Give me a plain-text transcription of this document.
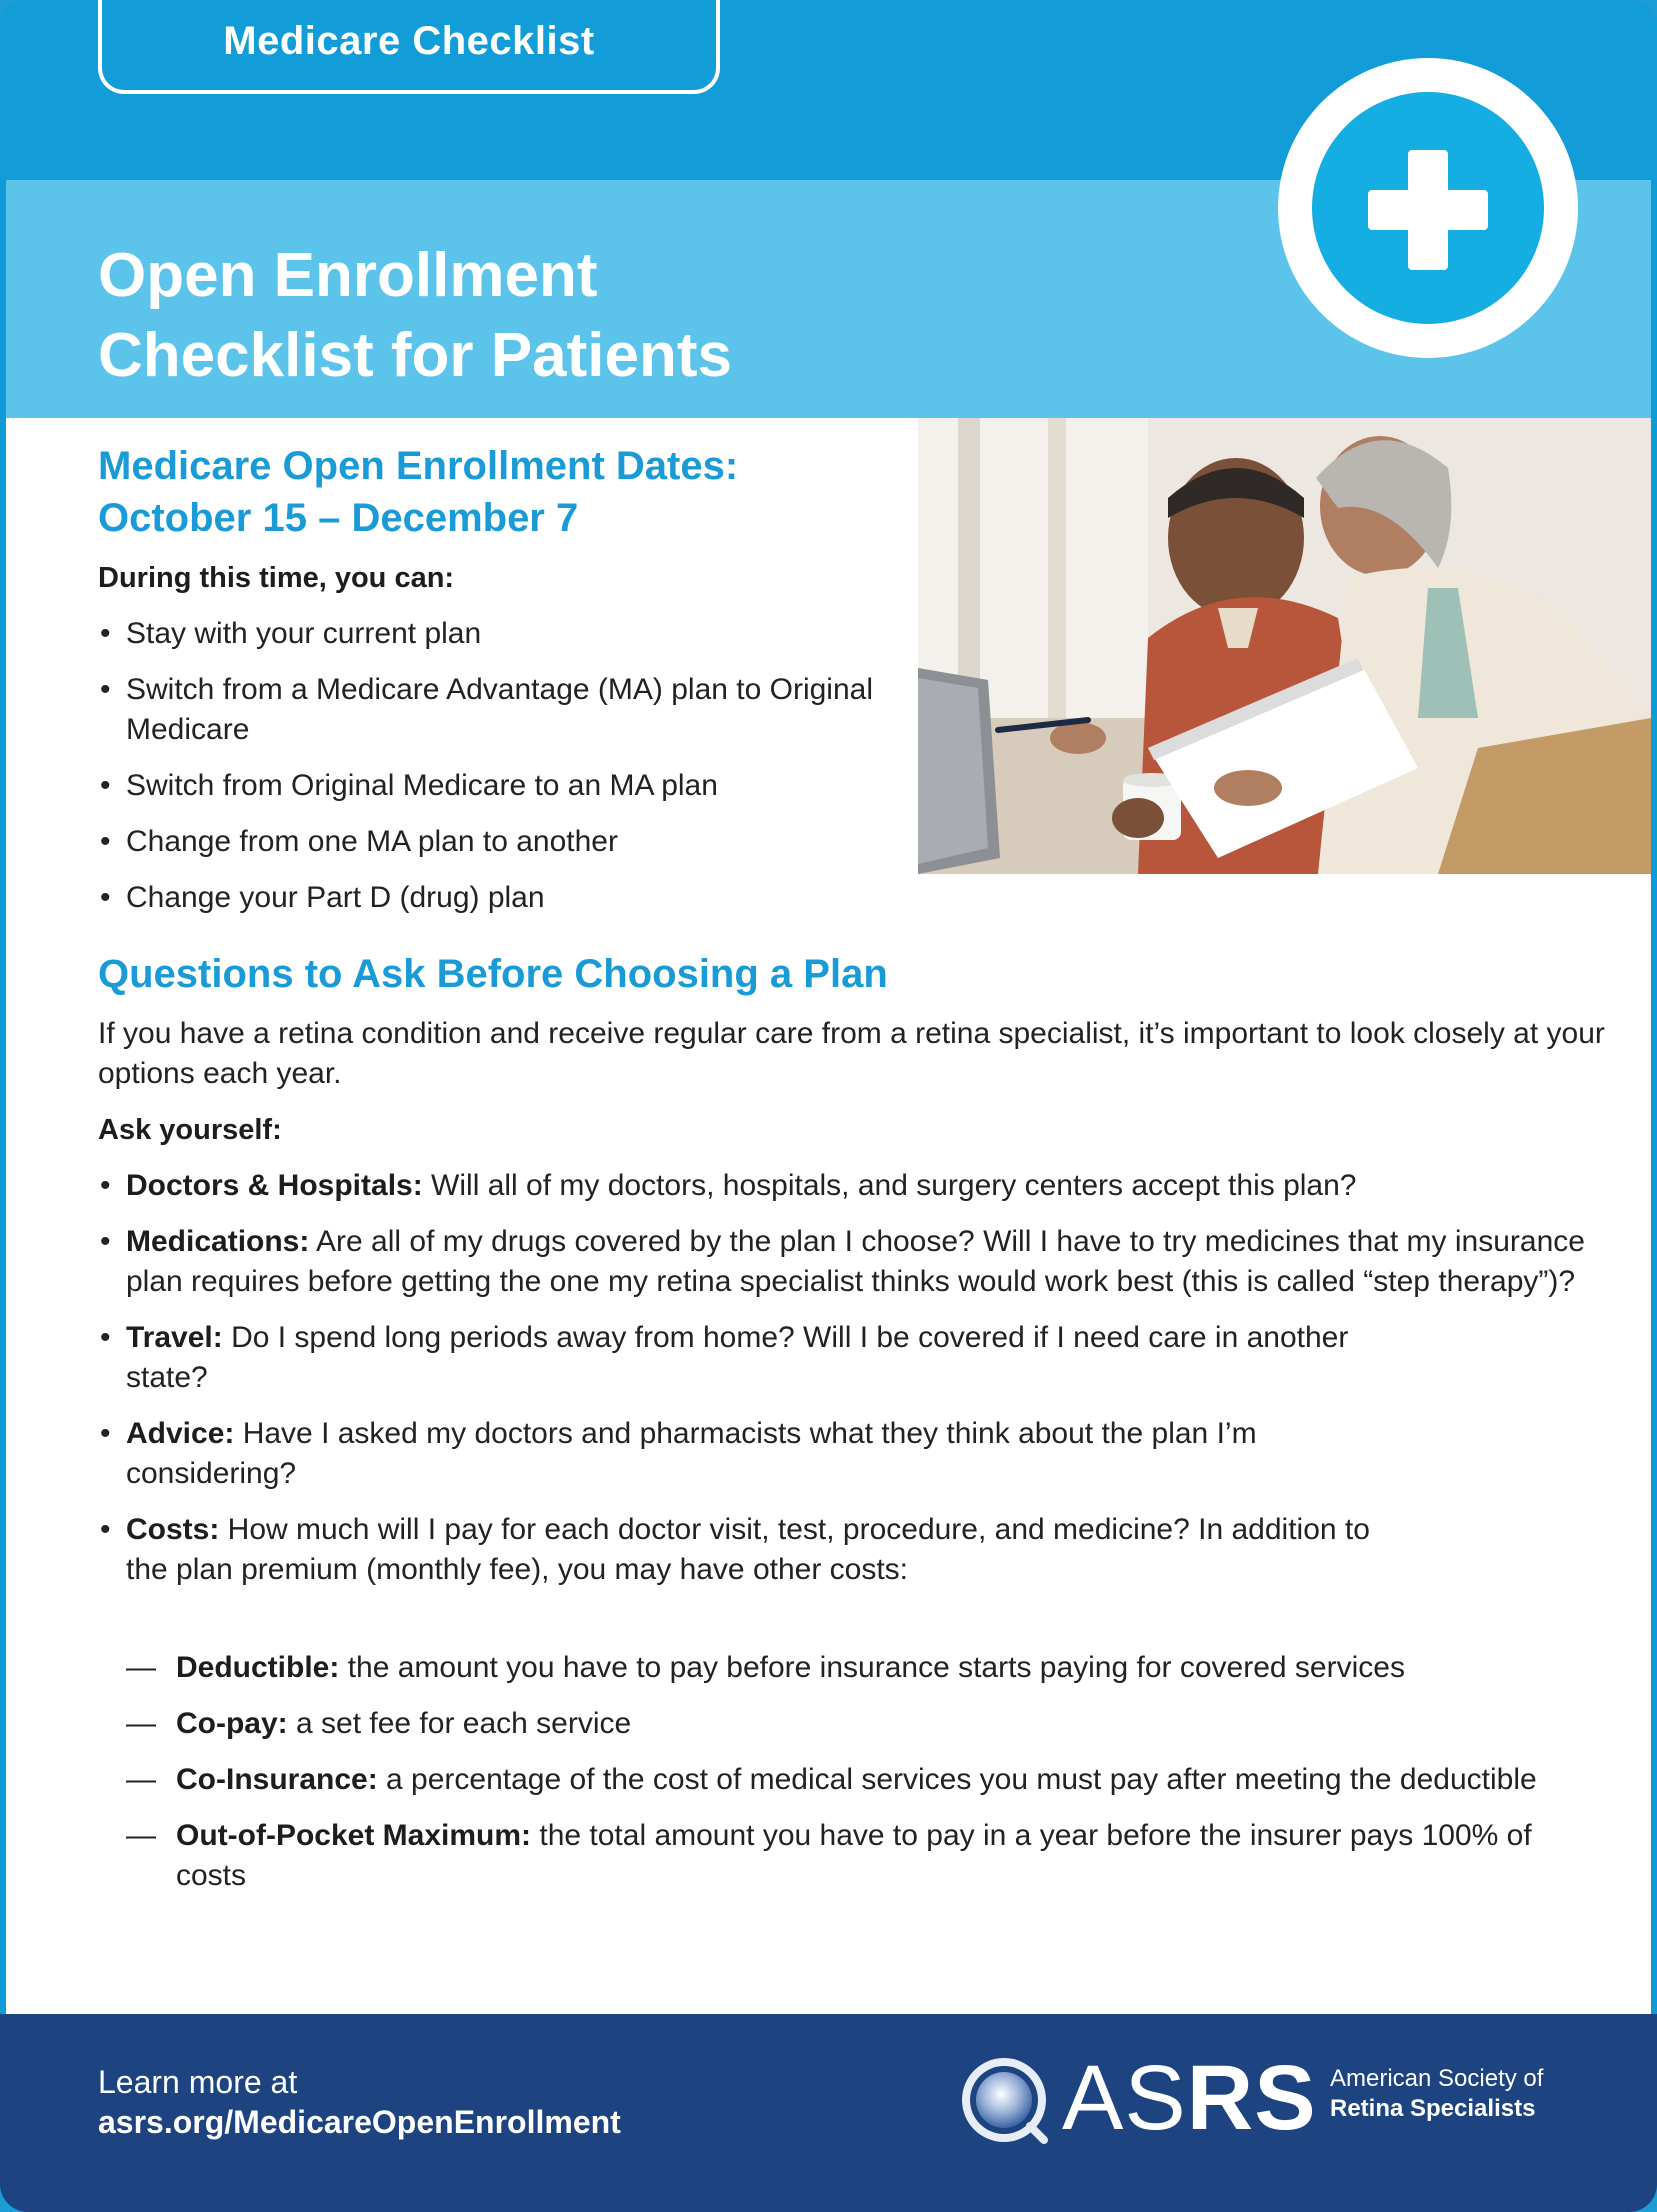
Medicare Checklist
Open Enrollment
Checklist for Patients
Medicare Open Enrollment Dates:
October 15 – December 7

During this time, you can:

• Stay with your current plan
• Switch from a Medicare Advantage (MA) plan to Original Medicare
• Switch from Original Medicare to an MA plan
• Change from one MA plan to another
• Change your Part D (drug) plan
Questions to Ask Before Choosing a Plan

If you have a retina condition and receive regular care from a retina specialist, it’s important to look closely at your options each year.

Ask yourself:

• Doctors & Hospitals: Will all of my doctors, hospitals, and surgery centers accept this plan?
• Medications: Are all of my drugs covered by the plan I choose? Will I have to try medicines that my insurance plan requires before getting the one my retina specialist thinks would work best (this is called “step therapy”)?
• Travel: Do I spend long periods away from home? Will I be covered if I need care in another state?
• Advice: Have I asked my doctors and pharmacists what they think about the plan I’m considering?
• Costs: How much will I pay for each doctor visit, test, procedure, and medicine? In addition to the plan premium (monthly fee), you may have other costs:
— Deductible: the amount you have to pay before insurance starts paying for covered services
— Co-pay: a set fee for each service
— Co-Insurance: a percentage of the cost of medical services you must pay after meeting the deductible
— Out-of-Pocket Maximum: the total amount you have to pay in a year before the insurer pays 100% of costs

Learn more at
asrs.org/MedicareOpenEnrollment	ASRS American Society of
Retina Specialists
